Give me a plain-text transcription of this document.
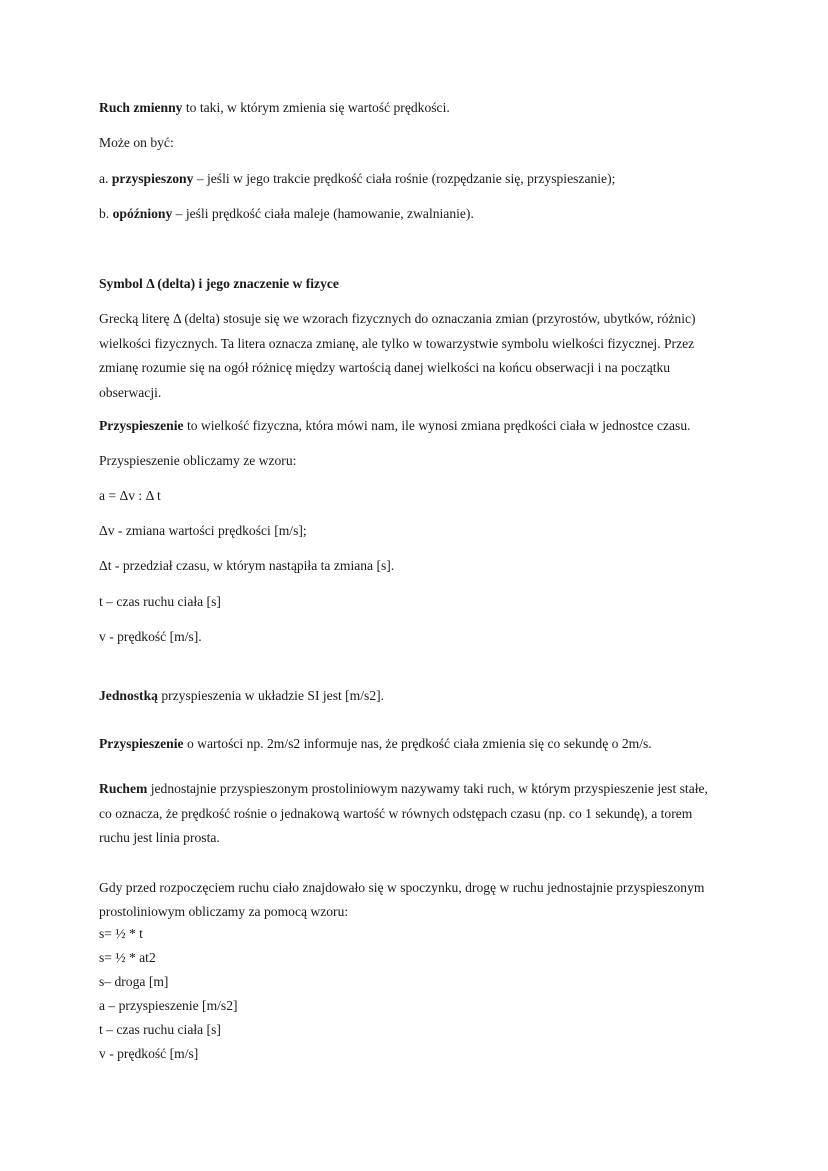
Ruch zmienny to taki, w którym zmienia się wartość prędkości.
Może on być:
a. przyspieszony – jeśli w jego trakcie prędkość ciała rośnie (rozpędzanie się, przyspieszanie);
b. opóźniony – jeśli prędkość ciała maleje (hamowanie, zwalnianie).
Symbol Δ (delta) i jego znaczenie w fizyce
Grecką literę Δ (delta) stosuje się we wzorach fizycznych do oznaczania zmian (przyrostów, ubytków, różnic)
wielkości fizycznych. Ta litera oznacza zmianę, ale tylko w towarzystwie symbolu wielkości fizycznej. Przez
zmianę rozumie się na ogół różnicę między wartością danej wielkości na końcu obserwacji i na początku
obserwacji.
Przyspieszenie to wielkość fizyczna, która mówi nam, ile wynosi zmiana prędkości ciała w jednostce czasu.
Przyspieszenie obliczamy ze wzoru:
a = Δv : Δ t
Δv - zmiana wartości prędkości [m/s];
Δt - przedział czasu, w którym nastąpiła ta zmiana [s].
t – czas ruchu ciała [s]
v - prędkość [m/s].
Jednostką przyspieszenia w układzie SI jest [m/s2].
Przyspieszenie o wartości np. 2m/s2 informuje nas, że prędkość ciała zmienia się co sekundę o 2m/s.
Ruchem jednostajnie przyspieszonym prostoliniowym nazywamy taki ruch, w którym przyspieszenie jest stałe,
co oznacza, że prędkość rośnie o jednakową wartość w równych odstępach czasu (np. co 1 sekundę), a torem
ruchu jest linia prosta.
Gdy przed rozpoczęciem ruchu ciało znajdowało się w spoczynku, drogę w ruchu jednostajnie przyspieszonym
prostoliniowym obliczamy za pomocą wzoru:
s= ½ * t
s= ½ * at2
s– droga [m]
a – przyspieszenie [m/s2]
t – czas ruchu ciała [s]
v - prędkość [m/s]
